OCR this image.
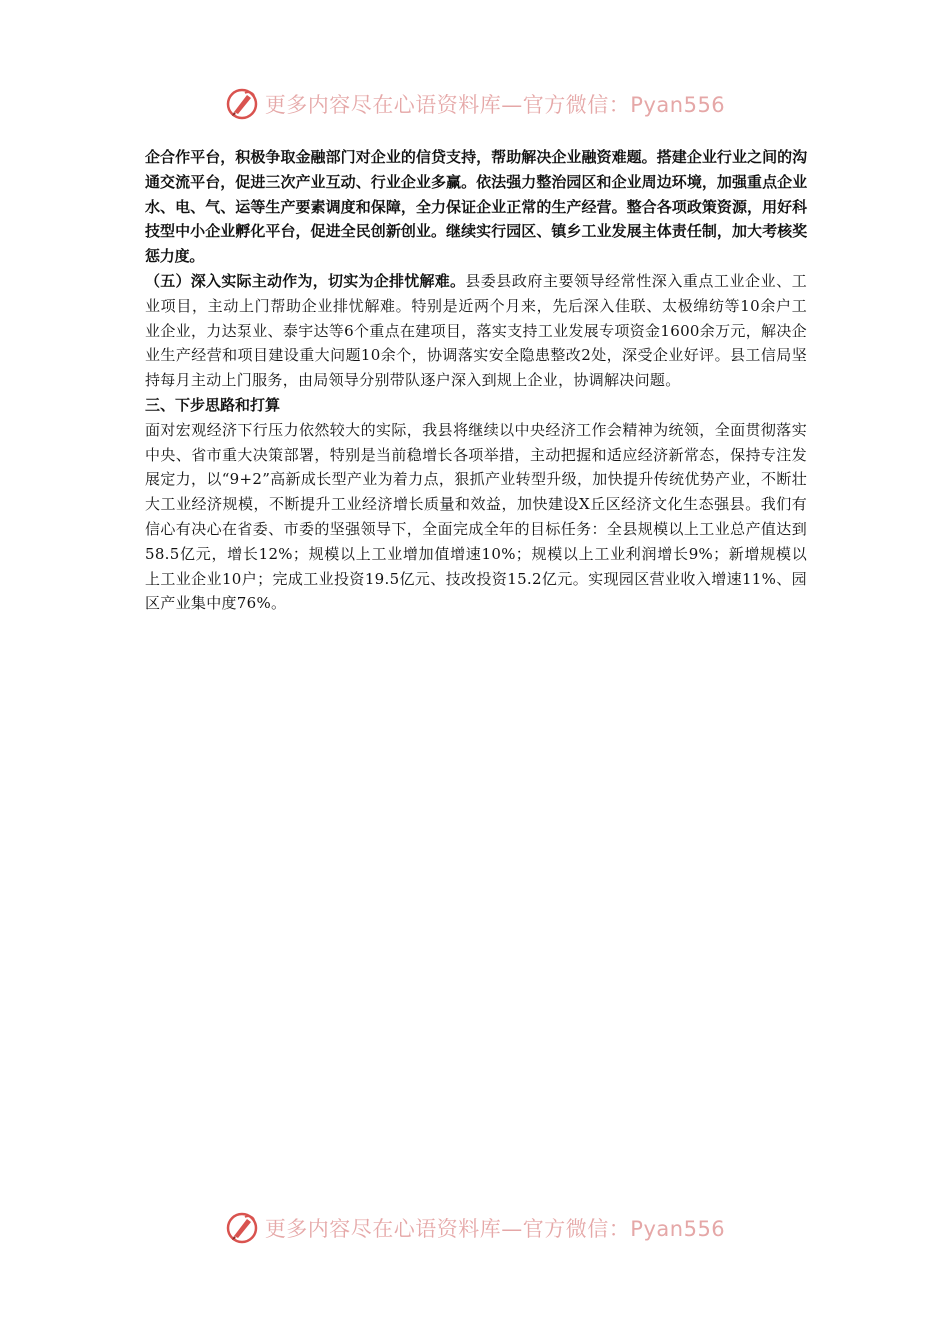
更多内容尽在心语资料库—官方微信：Pyan556

企合作平台，积极争取金融部门对企业的信贷支持，帮助解决企业融资难题。搭建企业行业之间的沟通交流平台，促进三次产业互动、行业企业多赢。依法强力整治园区和企业周边环境，加强重点企业水、电、气、运等生产要素调度和保障，全力保证企业正常的生产经营。整合各项政策资源，用好科技型中小企业孵化平台，促进全民创新创业。继续实行园区、镇乡工业发展主体责任制，加大考核奖惩力度。

（五）深入实际主动作为，切实为企排忧解难。县委县政府主要领导经常性深入重点工业企业、工业项目，主动上门帮助企业排忧解难。特别是近两个月来，先后深入佳联、太极绵纺等10余户工业企业，力达泵业、泰宇达等6个重点在建项目，落实支持工业发展专项资金1600余万元，解决企业生产经营和项目建设重大问题10余个，协调落实安全隐患整改2处，深受企业好评。县工信局坚持每月主动上门服务，由局领导分别带队逐户深入到规上企业，协调解决问题。

三、下步思路和打算

面对宏观经济下行压力依然较大的实际，我县将继续以中央经济工作会精神为统领，全面贯彻落实中央、省市重大决策部署，特别是当前稳增长各项举措，主动把握和适应经济新常态，保持专注发展定力，以“9+2”高新成长型产业为着力点，狠抓产业转型升级，加快提升传统优势产业，不断壮大工业经济规模，不断提升工业经济增长质量和效益，加快建设X丘区经济文化生态强县。我们有信心有决心在省委、市委的坚强领导下，全面完成全年的目标任务：全县规模以上工业总产值达到58.5亿元，增长12%；规模以上工业增加值增速10%；规模以上工业利润增长9%；新增规模以上工业企业10户；完成工业投资19.5亿元、技改投资15.2亿元。实现园区营业收入增速11%、园区产业集中度76%。

更多内容尽在心语资料库—官方微信：Pyan556
